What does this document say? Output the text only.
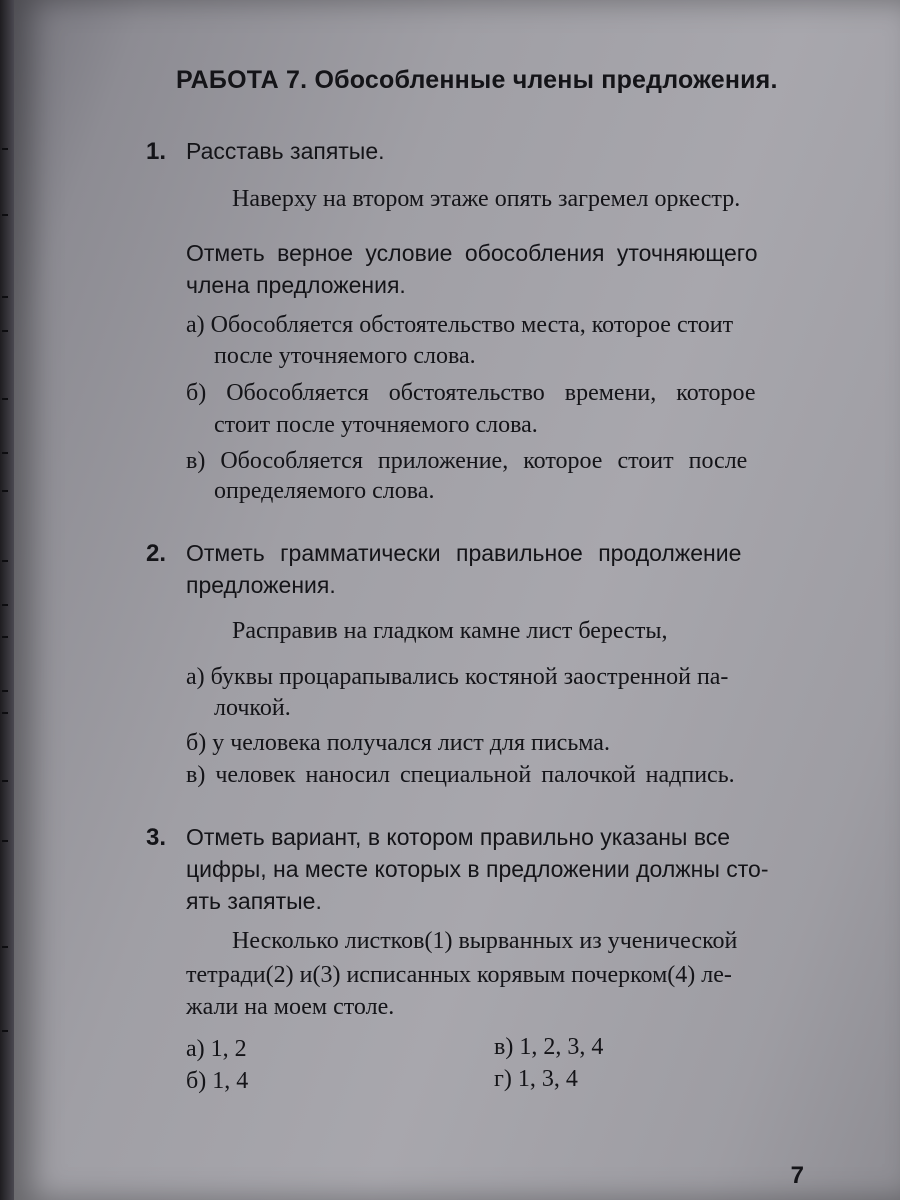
РАБОТА 7. Обособленные члены предложения.
1. Расставь запятые.
Наверху на втором этаже опять загремел оркестр.
Отметь верное условие обособления уточняющего
члена предложения.
а) Обособляется обстоятельство места, которое стоит
после уточняемого слова.
б) Обособляется обстоятельство времени, которое
стоит после уточняемого слова.
в) Обособляется приложение, которое стоит после
определяемого слова.
2. Отметь грамматически правильное продолжение
предложения.
Расправив на гладком камне лист бересты,
а) буквы процарапывались костяной заостренной па-
лочкой.
б) у человека получался лист для письма.
в) человек наносил специальной палочкой надпись.
3. Отметь вариант, в котором правильно указаны все
цифры, на месте которых в предложении должны сто-
ять запятые.
Несколько листков(1) вырванных из ученической
тетради(2) и(3) исписанных корявым почерком(4) ле-
жали на моем столе.
а) 1, 2
б) 1, 4
в) 1, 2, 3, 4
г) 1, 3, 4
7
